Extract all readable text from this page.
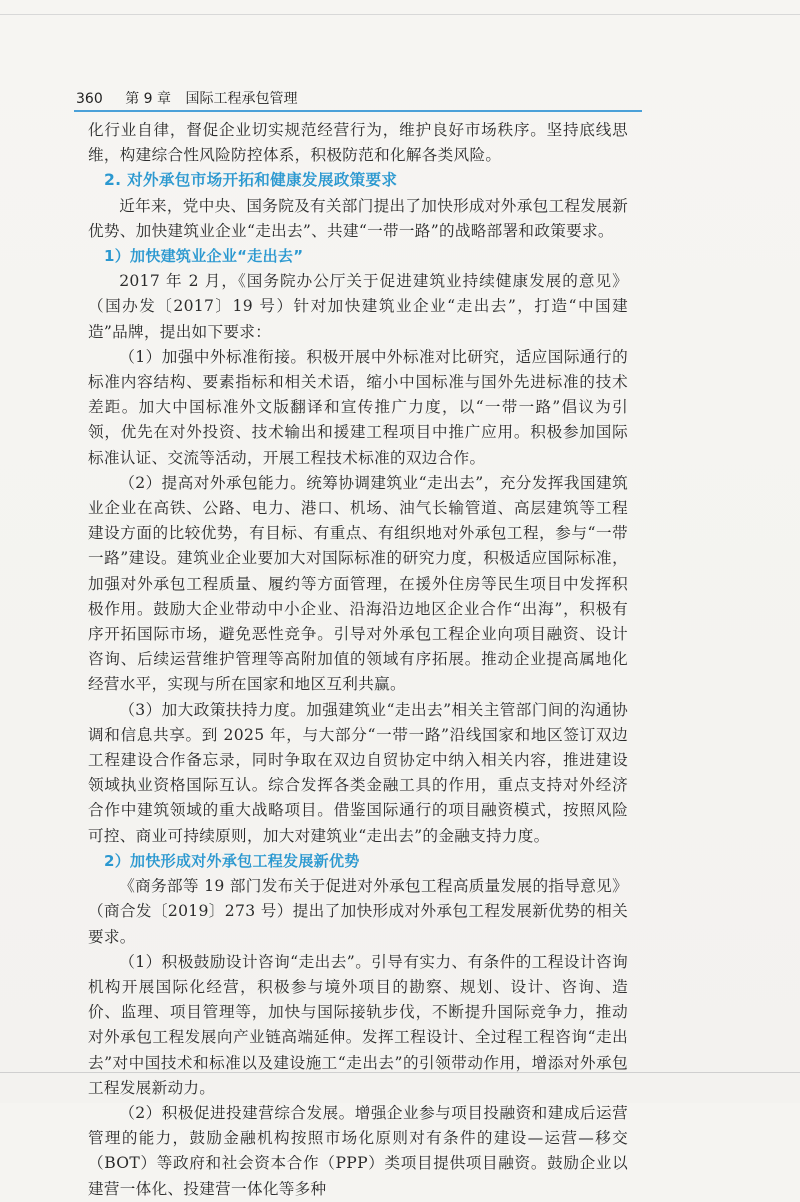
360 第 9 章 国际工程承包管理

化行业自律，督促企业切实规范经营行为，维护良好市场秩序。坚持底线思维，构建综合性风险防控体系，积极防范和化解各类风险。

2. 对外承包市场开拓和健康发展政策要求

近年来，党中央、国务院及有关部门提出了加快形成对外承包工程发展新优势、加快建筑业企业“走出去”、共建“一带一路”的战略部署和政策要求。

1）加快建筑业企业“走出去”

2017 年 2 月，《国务院办公厅关于促进建筑业持续健康发展的意见》（国办发〔2017〕19 号）针对加快建筑业企业“走出去”，打造“中国建造”品牌，提出如下要求：

（1）加强中外标准衔接。积极开展中外标准对比研究，适应国际通行的标准内容结构、要素指标和相关术语，缩小中国标准与国外先进标准的技术差距。加大中国标准外文版翻译和宣传推广力度，以“一带一路”倡议为引领，优先在对外投资、技术输出和援建工程项目中推广应用。积极参加国际标准认证、交流等活动，开展工程技术标准的双边合作。

（2）提高对外承包能力。统筹协调建筑业“走出去”，充分发挥我国建筑业企业在高铁、公路、电力、港口、机场、油气长输管道、高层建筑等工程建设方面的比较优势，有目标、有重点、有组织地对外承包工程，参与“一带一路”建设。建筑业企业要加大对国际标准的研究力度，积极适应国际标准，加强对外承包工程质量、履约等方面管理，在援外住房等民生项目中发挥积极作用。鼓励大企业带动中小企业、沿海沿边地区企业合作“出海”，积极有序开拓国际市场，避免恶性竞争。引导对外承包工程企业向项目融资、设计咨询、后续运营维护管理等高附加值的领域有序拓展。推动企业提高属地化经营水平，实现与所在国家和地区互利共赢。

（3）加大政策扶持力度。加强建筑业“走出去”相关主管部门间的沟通协调和信息共享。到 2025 年，与大部分“一带一路”沿线国家和地区签订双边工程建设合作备忘录，同时争取在双边自贸协定中纳入相关内容，推进建设领域执业资格国际互认。综合发挥各类金融工具的作用，重点支持对外经济合作中建筑领域的重大战略项目。借鉴国际通行的项目融资模式，按照风险可控、商业可持续原则，加大对建筑业“走出去”的金融支持力度。

2）加快形成对外承包工程发展新优势

《商务部等 19 部门发布关于促进对外承包工程高质量发展的指导意见》（商合发〔2019〕273 号）提出了加快形成对外承包工程发展新优势的相关要求。

（1）积极鼓励设计咨询“走出去”。引导有实力、有条件的工程设计咨询机构开展国际化经营，积极参与境外项目的勘察、规划、设计、咨询、造价、监理、项目管理等，加快与国际接轨步伐，不断提升国际竞争力，推动对外承包工程发展向产业链高端延伸。发挥工程设计、全过程工程咨询“走出去”对中国技术和标准以及建设施工“走出去”的引领带动作用，增添对外承包工程发展新动力。

（2）积极促进投建营综合发展。增强企业参与项目投融资和建成后运营管理的能力，鼓励金融机构按照市场化原则对有条件的建设—运营—移交（BOT）等政府和社会资本合作（PPP）类项目提供项目融资。鼓励企业以建营一体化、投建营一体化等多种
